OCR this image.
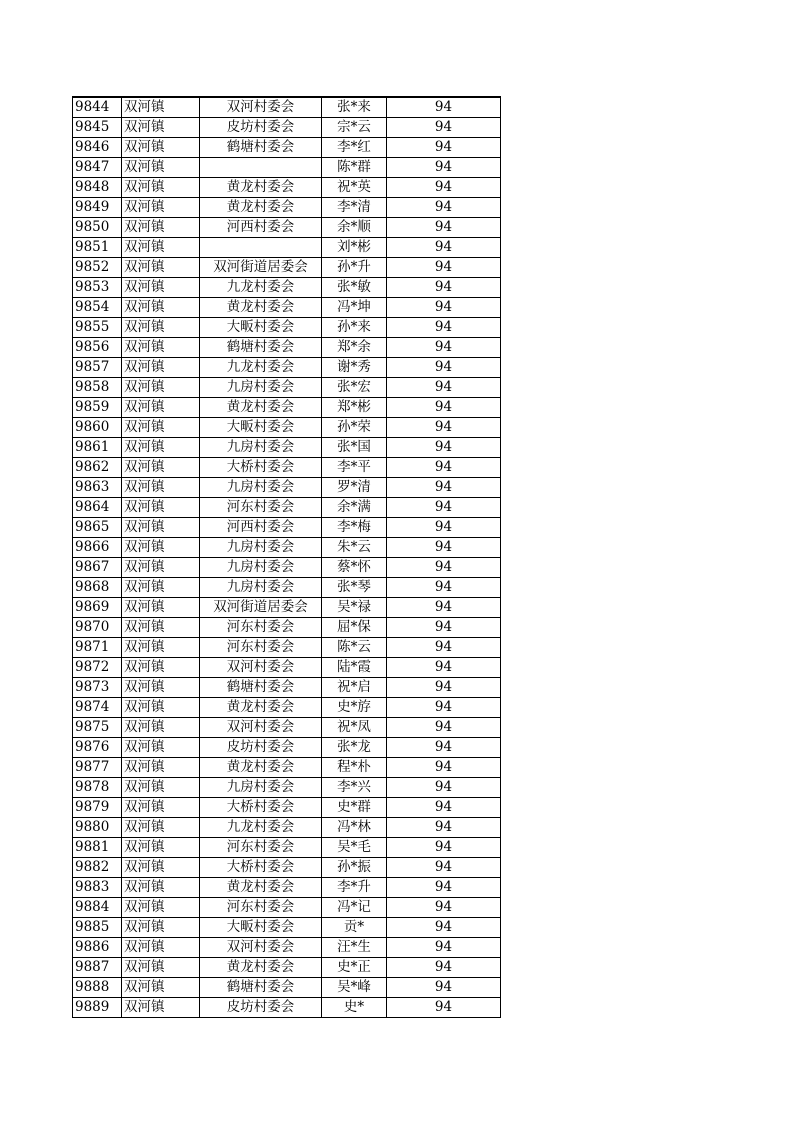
9844	双河镇	双河村委会	张*来	94
9845	双河镇	皮坊村委会	宗*云	94
9846	双河镇	鹤塘村委会	李*红	94
9847	双河镇		陈*群	94
9848	双河镇	黄龙村委会	祝*英	94
9849	双河镇	黄龙村委会	李*清	94
9850	双河镇	河西村委会	余*顺	94
9851	双河镇		刘*彬	94
9852	双河镇	双河街道居委会	孙*升	94
9853	双河镇	九龙村委会	张*敏	94
9854	双河镇	黄龙村委会	冯*坤	94
9855	双河镇	大畈村委会	孙*来	94
9856	双河镇	鹤塘村委会	郑*余	94
9857	双河镇	九龙村委会	谢*秀	94
9858	双河镇	九房村委会	张*宏	94
9859	双河镇	黄龙村委会	郑*彬	94
9860	双河镇	大畈村委会	孙*荣	94
9861	双河镇	九房村委会	张*国	94
9862	双河镇	大桥村委会	李*平	94
9863	双河镇	九房村委会	罗*清	94
9864	双河镇	河东村委会	余*满	94
9865	双河镇	河西村委会	李*梅	94
9866	双河镇	九房村委会	朱*云	94
9867	双河镇	九房村委会	蔡*怀	94
9868	双河镇	九房村委会	张*琴	94
9869	双河镇	双河街道居委会	吴*禄	94
9870	双河镇	河东村委会	屈*保	94
9871	双河镇	河东村委会	陈*云	94
9872	双河镇	双河村委会	陆*霞	94
9873	双河镇	鹤塘村委会	祝*启	94
9874	双河镇	黄龙村委会	史*斿	94
9875	双河镇	双河村委会	祝*凤	94
9876	双河镇	皮坊村委会	张*龙	94
9877	双河镇	黄龙村委会	程*朴	94
9878	双河镇	九房村委会	李*兴	94
9879	双河镇	大桥村委会	史*群	94
9880	双河镇	九龙村委会	冯*林	94
9881	双河镇	河东村委会	吴*毛	94
9882	双河镇	大桥村委会	孙*振	94
9883	双河镇	黄龙村委会	李*升	94
9884	双河镇	河东村委会	冯*记	94
9885	双河镇	大畈村委会	贡*	94
9886	双河镇	双河村委会	汪*生	94
9887	双河镇	黄龙村委会	史*正	94
9888	双河镇	鹤塘村委会	吴*峰	94
9889	双河镇	皮坊村委会	史*	94
